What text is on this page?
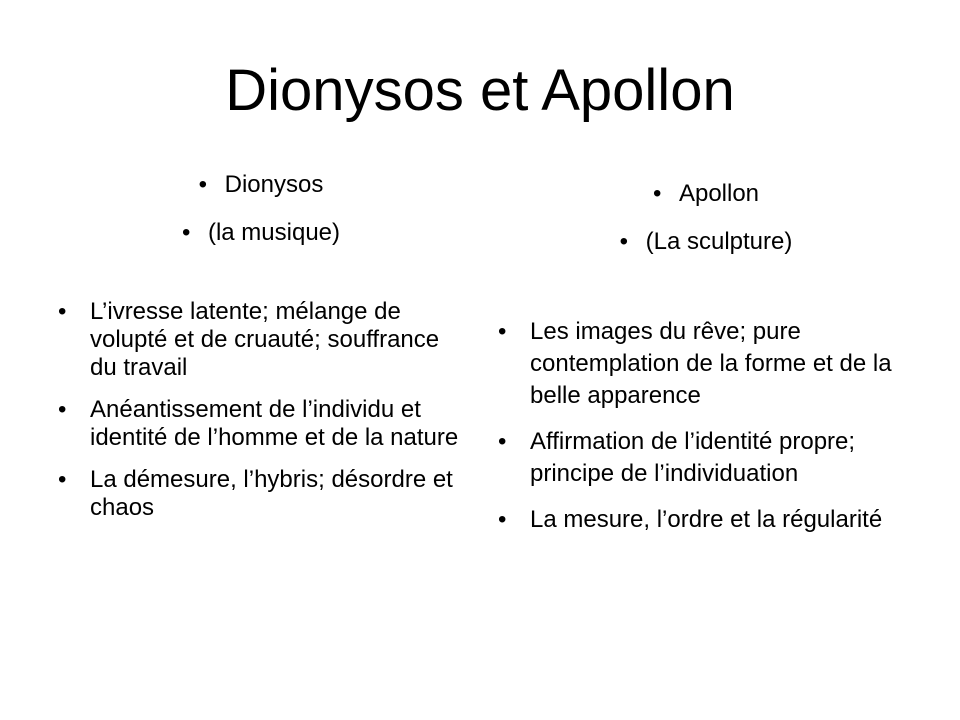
Dionysos et Apollon
• Dionysos
• (la musique)
• L’ivresse latente; mélange de volupté et de cruauté; souffrance du travail
• Anéantissement de l’individu et identité de l’homme et de la nature
• La démesure, l’hybris; désordre et chaos
• Apollon
• (La sculpture)
• Les images du rêve; pure contemplation de la forme et de la belle apparence
• Affirmation de l’identité propre; principe de l’individuation
• La mesure, l’ordre et la régularité
